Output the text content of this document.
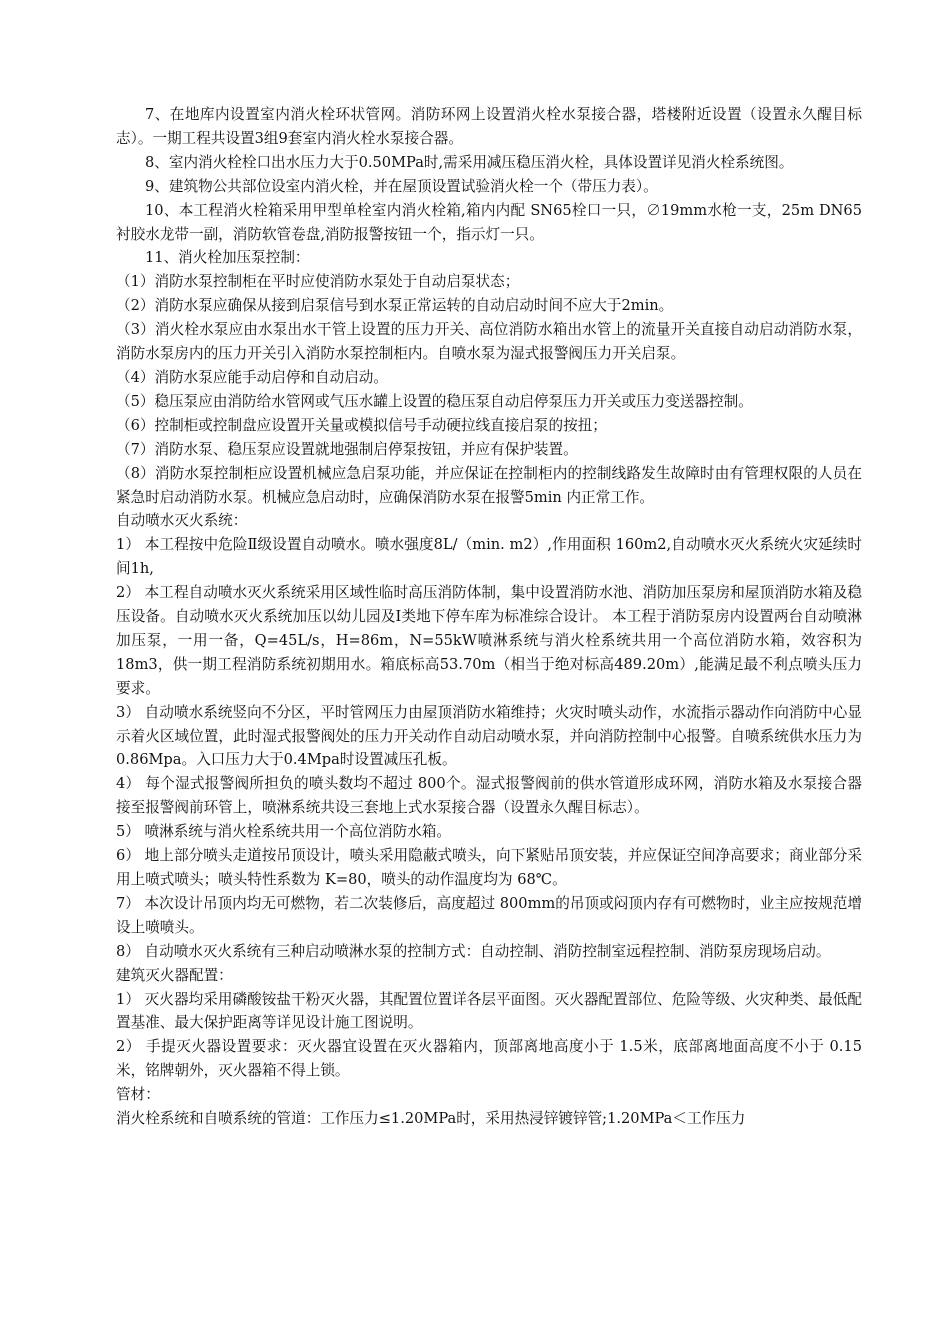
7、在地库内设置室内消火栓环状管网。消防环网上设置消火栓水泵接合器，塔楼附近设置（设置永久醒目标志）。一期工程共设置3组9套室内消火栓水泵接合器。

8、室内消火栓栓口出水压力大于0.50MPa时,需采用减压稳压消火栓，具体设置详见消火栓系统图。

9、建筑物公共部位设室内消火栓，并在屋顶设置试验消火栓一个（带压力表）。

10、本工程消火栓箱采用甲型单栓室内消火栓箱,箱内内配 SN65栓口一只，∅19mm水枪一支，25m DN65衬胶水龙带一副，消防软管卷盘,消防报警按钮一个，指示灯一只。

11、消火栓加压泵控制：

（1）消防水泵控制柜在平时应使消防水泵处于自动启泵状态；

（2）消防水泵应确保从接到启泵信号到水泵正常运转的自动启动时间不应大于2min。

（3）消火栓水泵应由水泵出水干管上设置的压力开关、高位消防水箱出水管上的流量开关直接自动启动消防水泵，消防水泵房内的压力开关引入消防水泵控制柜内。自喷水泵为湿式报警阀压力开关启泵。

（4）消防水泵应能手动启停和自动启动。

（5）稳压泵应由消防给水管网或气压水罐上设置的稳压泵自动启停泵压力开关或压力变送器控制。

（6）控制柜或控制盘应设置开关量或模拟信号手动硬拉线直接启泵的按扭；

（7）消防水泵、稳压泵应设置就地强制启停泵按钮，并应有保护装置。

（8）消防水泵控制柜应设置机械应急启泵功能，并应保证在控制柜内的控制线路发生故障时由有管理权限的人员在紧急时启动消防水泵。机械应急启动时，应确保消防水泵在报警5min 内正常工作。

自动喷水灭火系统：

1） 本工程按中危险Ⅱ级设置自动喷水。喷水强度8L/（min. m2）,作用面积 160m2,自动喷水灭火系统火灾延续时间1h,

2） 本工程自动喷水灭火系统采用区域性临时高压消防体制，集中设置消防水池、消防加压泵房和屋顶消防水箱及稳压设备。自动喷水灭火系统加压以幼儿园及Ⅰ类地下停车库为标准综合设计。 本工程于消防泵房内设置两台自动喷淋加压泵，一用一备，Q=45L/s，H=86m，N=55kW喷淋系统与消火栓系统共用一个高位消防水箱，效容积为 18m3，供一期工程消防系统初期用水。箱底标高53.70m（相当于绝对标高489.20m）,能满足最不利点喷头压力要求。

3） 自动喷水系统竖向不分区，平时管网压力由屋顶消防水箱维持；火灾时喷头动作，水流指示器动作向消防中心显示着火区域位置，此时湿式报警阀处的压力开关动作自动启动喷水泵，并向消防控制中心报警。自喷系统供水压力为0.86Mpa。入口压力大于0.4Mpa时设置减压孔板。

4） 每个湿式报警阀所担负的喷头数均不超过 800个。湿式报警阀前的供水管道形成环网，消防水箱及水泵接合器接至报警阀前环管上，喷淋系统共设三套地上式水泵接合器（设置永久醒目标志）。

5） 喷淋系统与消火栓系统共用一个高位消防水箱。

6） 地上部分喷头走道按吊顶设计，喷头采用隐蔽式喷头，向下紧贴吊顶安装，并应保证空间净高要求；商业部分采用上喷式喷头；喷头特性系数为 K=80，喷头的动作温度均为 68℃。

7） 本次设计吊顶内均无可燃物，若二次装修后，高度超过 800mm的吊顶或闷顶内存有可燃物时，业主应按规范增设上喷喷头。

8） 自动喷水灭火系统有三种启动喷淋水泵的控制方式：自动控制、消防控制室远程控制、消防泵房现场启动。

建筑灭火器配置：

1） 灭火器均采用磷酸铵盐干粉灭火器，其配置位置详各层平面图。灭火器配置部位、危险等级、火灾种类、最低配置基准、最大保护距离等详见设计施工图说明。

2） 手提灭火器设置要求：灭火器宜设置在灭火器箱内，顶部离地高度小于 1.5米，底部离地面高度不小于 0.15米，铭牌朝外，灭火器箱不得上锁。

管材：

消火栓系统和自喷系统的管道：工作压力≤1.20MPa时，采用热浸锌镀锌管;1.20MPa＜工作压力
